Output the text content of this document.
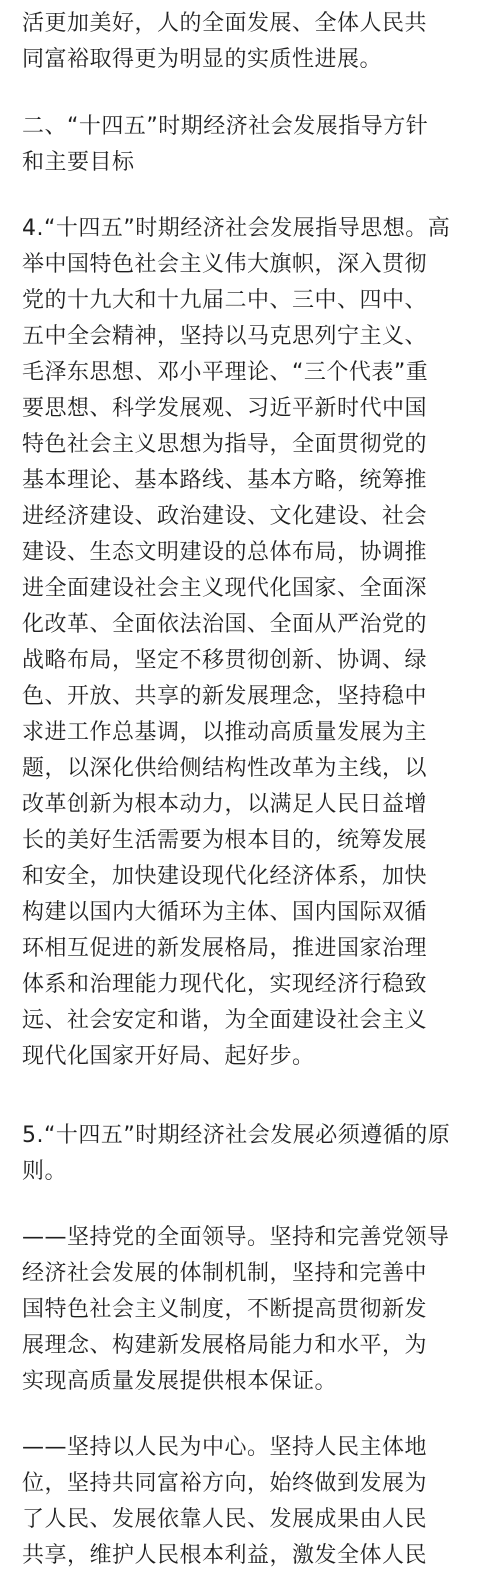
活更加美好，人的全面发展、全体人民共
同富裕取得更为明显的实质性进展。
二、“十四五”时期经济社会发展指导方针
和主要目标
4.“十四五”时期经济社会发展指导思想。高
举中国特色社会主义伟大旗帜，深入贯彻
党的十九大和十九届二中、三中、四中、
五中全会精神，坚持以马克思列宁主义、
毛泽东思想、邓小平理论、“三个代表”重
要思想、科学发展观、习近平新时代中国
特色社会主义思想为指导，全面贯彻党的
基本理论、基本路线、基本方略，统筹推
进经济建设、政治建设、文化建设、社会
建设、生态文明建设的总体布局，协调推
进全面建设社会主义现代化国家、全面深
化改革、全面依法治国、全面从严治党的
战略布局，坚定不移贯彻创新、协调、绿
色、开放、共享的新发展理念，坚持稳中
求进工作总基调，以推动高质量发展为主
题，以深化供给侧结构性改革为主线，以
改革创新为根本动力，以满足人民日益增
长的美好生活需要为根本目的，统筹发展
和安全，加快建设现代化经济体系，加快
构建以国内大循环为主体、国内国际双循
环相互促进的新发展格局，推进国家治理
体系和治理能力现代化，实现经济行稳致
远、社会安定和谐，为全面建设社会主义
现代化国家开好局、起好步。
5.“十四五”时期经济社会发展必须遵循的原
则。
——坚持党的全面领导。坚持和完善党领导
经济社会发展的体制机制，坚持和完善中
国特色社会主义制度，不断提高贯彻新发
展理念、构建新发展格局能力和水平，为
实现高质量发展提供根本保证。
——坚持以人民为中心。坚持人民主体地
位，坚持共同富裕方向，始终做到发展为
了人民、发展依靠人民、发展成果由人民
共享，维护人民根本利益，激发全体人民
